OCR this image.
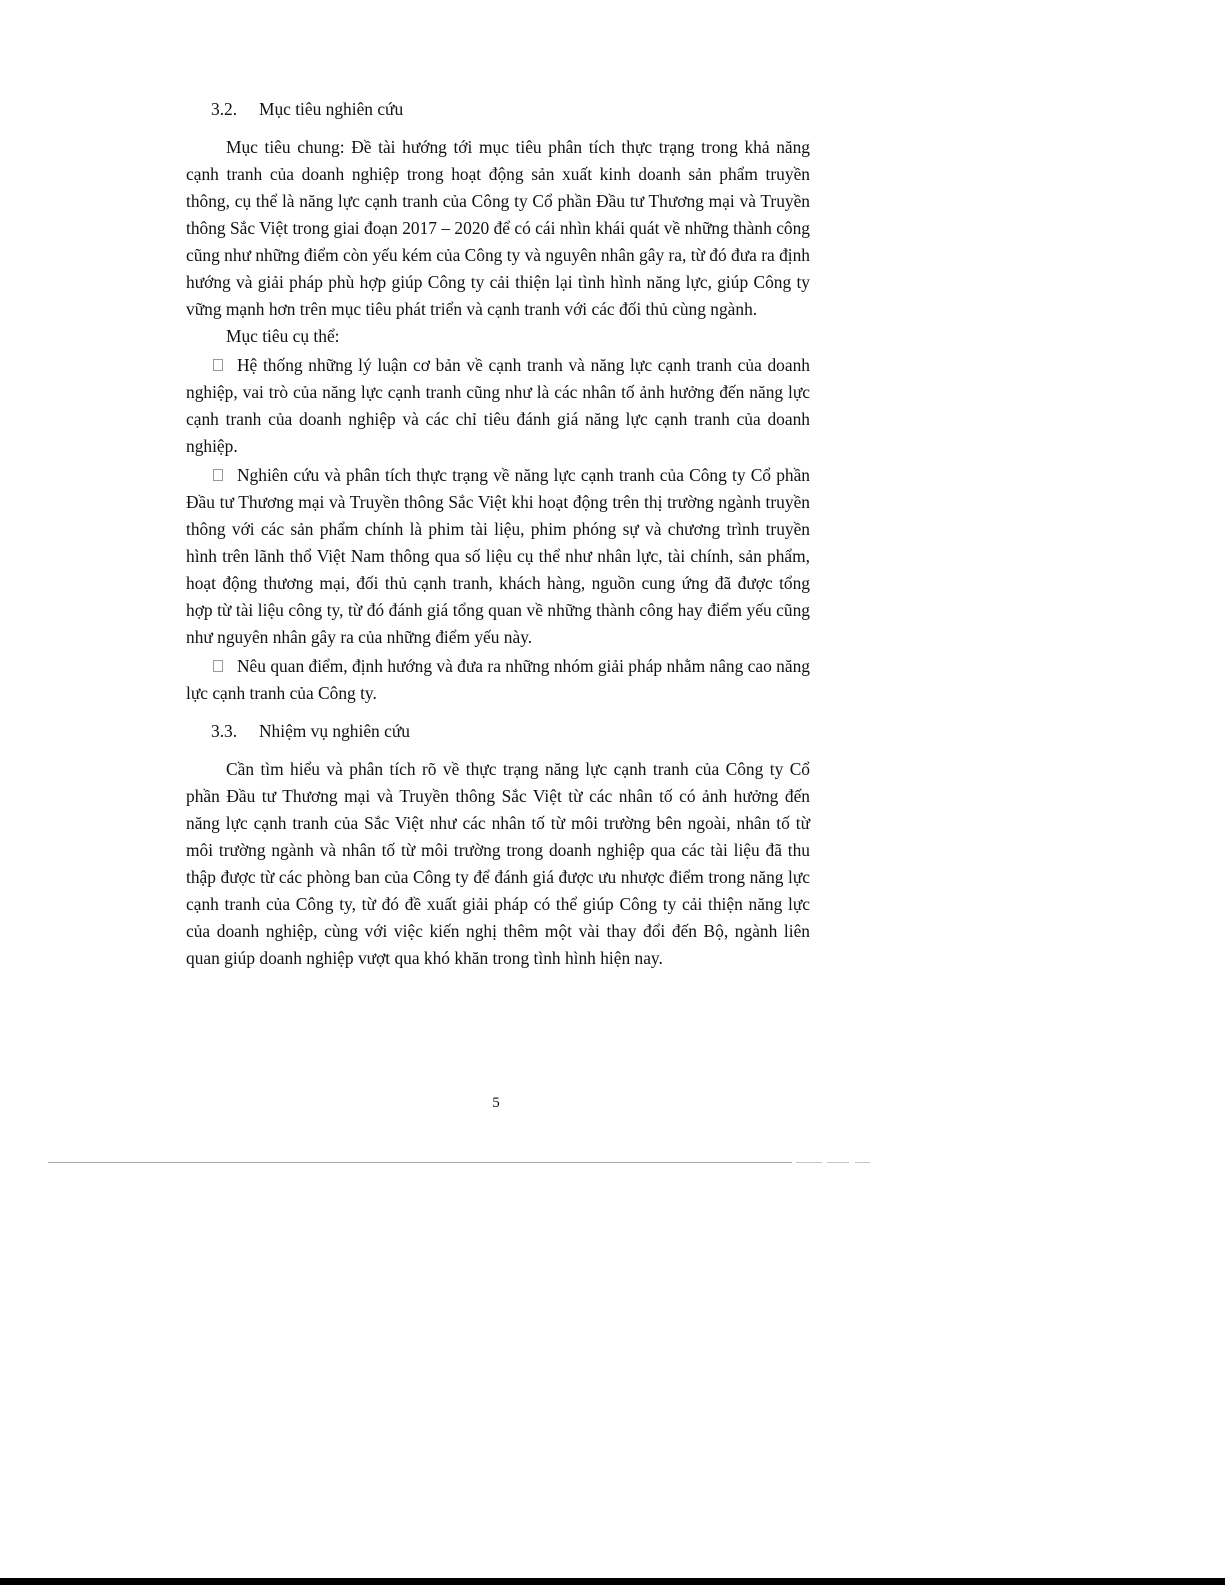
3.2. Mục tiêu nghiên cứu

Mục tiêu chung: Đề tài hướng tới mục tiêu phân tích thực trạng trong khả năng cạnh tranh của doanh nghiệp trong hoạt động sản xuất kinh doanh sản phẩm truyền thông, cụ thể là năng lực cạnh tranh của Công ty Cổ phần Đầu tư Thương mại và Truyền thông Sắc Việt trong giai đoạn 2017 – 2020 để có cái nhìn khái quát về những thành công cũng như những điểm còn yếu kém của Công ty và nguyên nhân gây ra, từ đó đưa ra định hướng và giải pháp phù hợp giúp Công ty cải thiện lại tình hình năng lực, giúp Công ty vững mạnh hơn trên mục tiêu phát triển và cạnh tranh với các đối thủ cùng ngành.

Mục tiêu cụ thể:

Hệ thống những lý luận cơ bản về cạnh tranh và năng lực cạnh tranh của doanh nghiệp, vai trò của năng lực cạnh tranh cũng như là các nhân tố ảnh hưởng đến năng lực cạnh tranh của doanh nghiệp và các chỉ tiêu đánh giá năng lực cạnh tranh của doanh nghiệp.

Nghiên cứu và phân tích thực trạng về năng lực cạnh tranh của Công ty Cổ phần Đầu tư Thương mại và Truyền thông Sắc Việt khi hoạt động trên thị trường ngành truyền thông với các sản phẩm chính là phim tài liệu, phim phóng sự và chương trình truyền hình trên lãnh thổ Việt Nam thông qua số liệu cụ thể như nhân lực, tài chính, sản phẩm, hoạt động thương mại, đối thủ cạnh tranh, khách hàng, nguồn cung ứng đã được tổng hợp từ tài liệu công ty, từ đó đánh giá tổng quan về những thành công hay điểm yếu cũng như nguyên nhân gây ra của những điểm yếu này.

Nêu quan điểm, định hướng và đưa ra những nhóm giải pháp nhằm nâng cao năng lực cạnh tranh của Công ty.

3.3. Nhiệm vụ nghiên cứu

Cần tìm hiểu và phân tích rõ về thực trạng năng lực cạnh tranh của Công ty Cổ phần Đầu tư Thương mại và Truyền thông Sắc Việt từ các nhân tố có ảnh hưởng đến năng lực cạnh tranh của Sắc Việt như các nhân tố từ môi trường bên ngoài, nhân tố từ môi trường ngành và nhân tố từ môi trường trong doanh nghiệp qua các tài liệu đã thu thập được từ các phòng ban của Công ty để đánh giá được ưu nhược điểm trong năng lực cạnh tranh của Công ty, từ đó đề xuất giải pháp có thể giúp Công ty cải thiện năng lực của doanh nghiệp, cùng với việc kiến nghị thêm một vài thay đổi đến Bộ, ngành liên quan giúp doanh nghiệp vượt qua khó khăn trong tình hình hiện nay.

5
